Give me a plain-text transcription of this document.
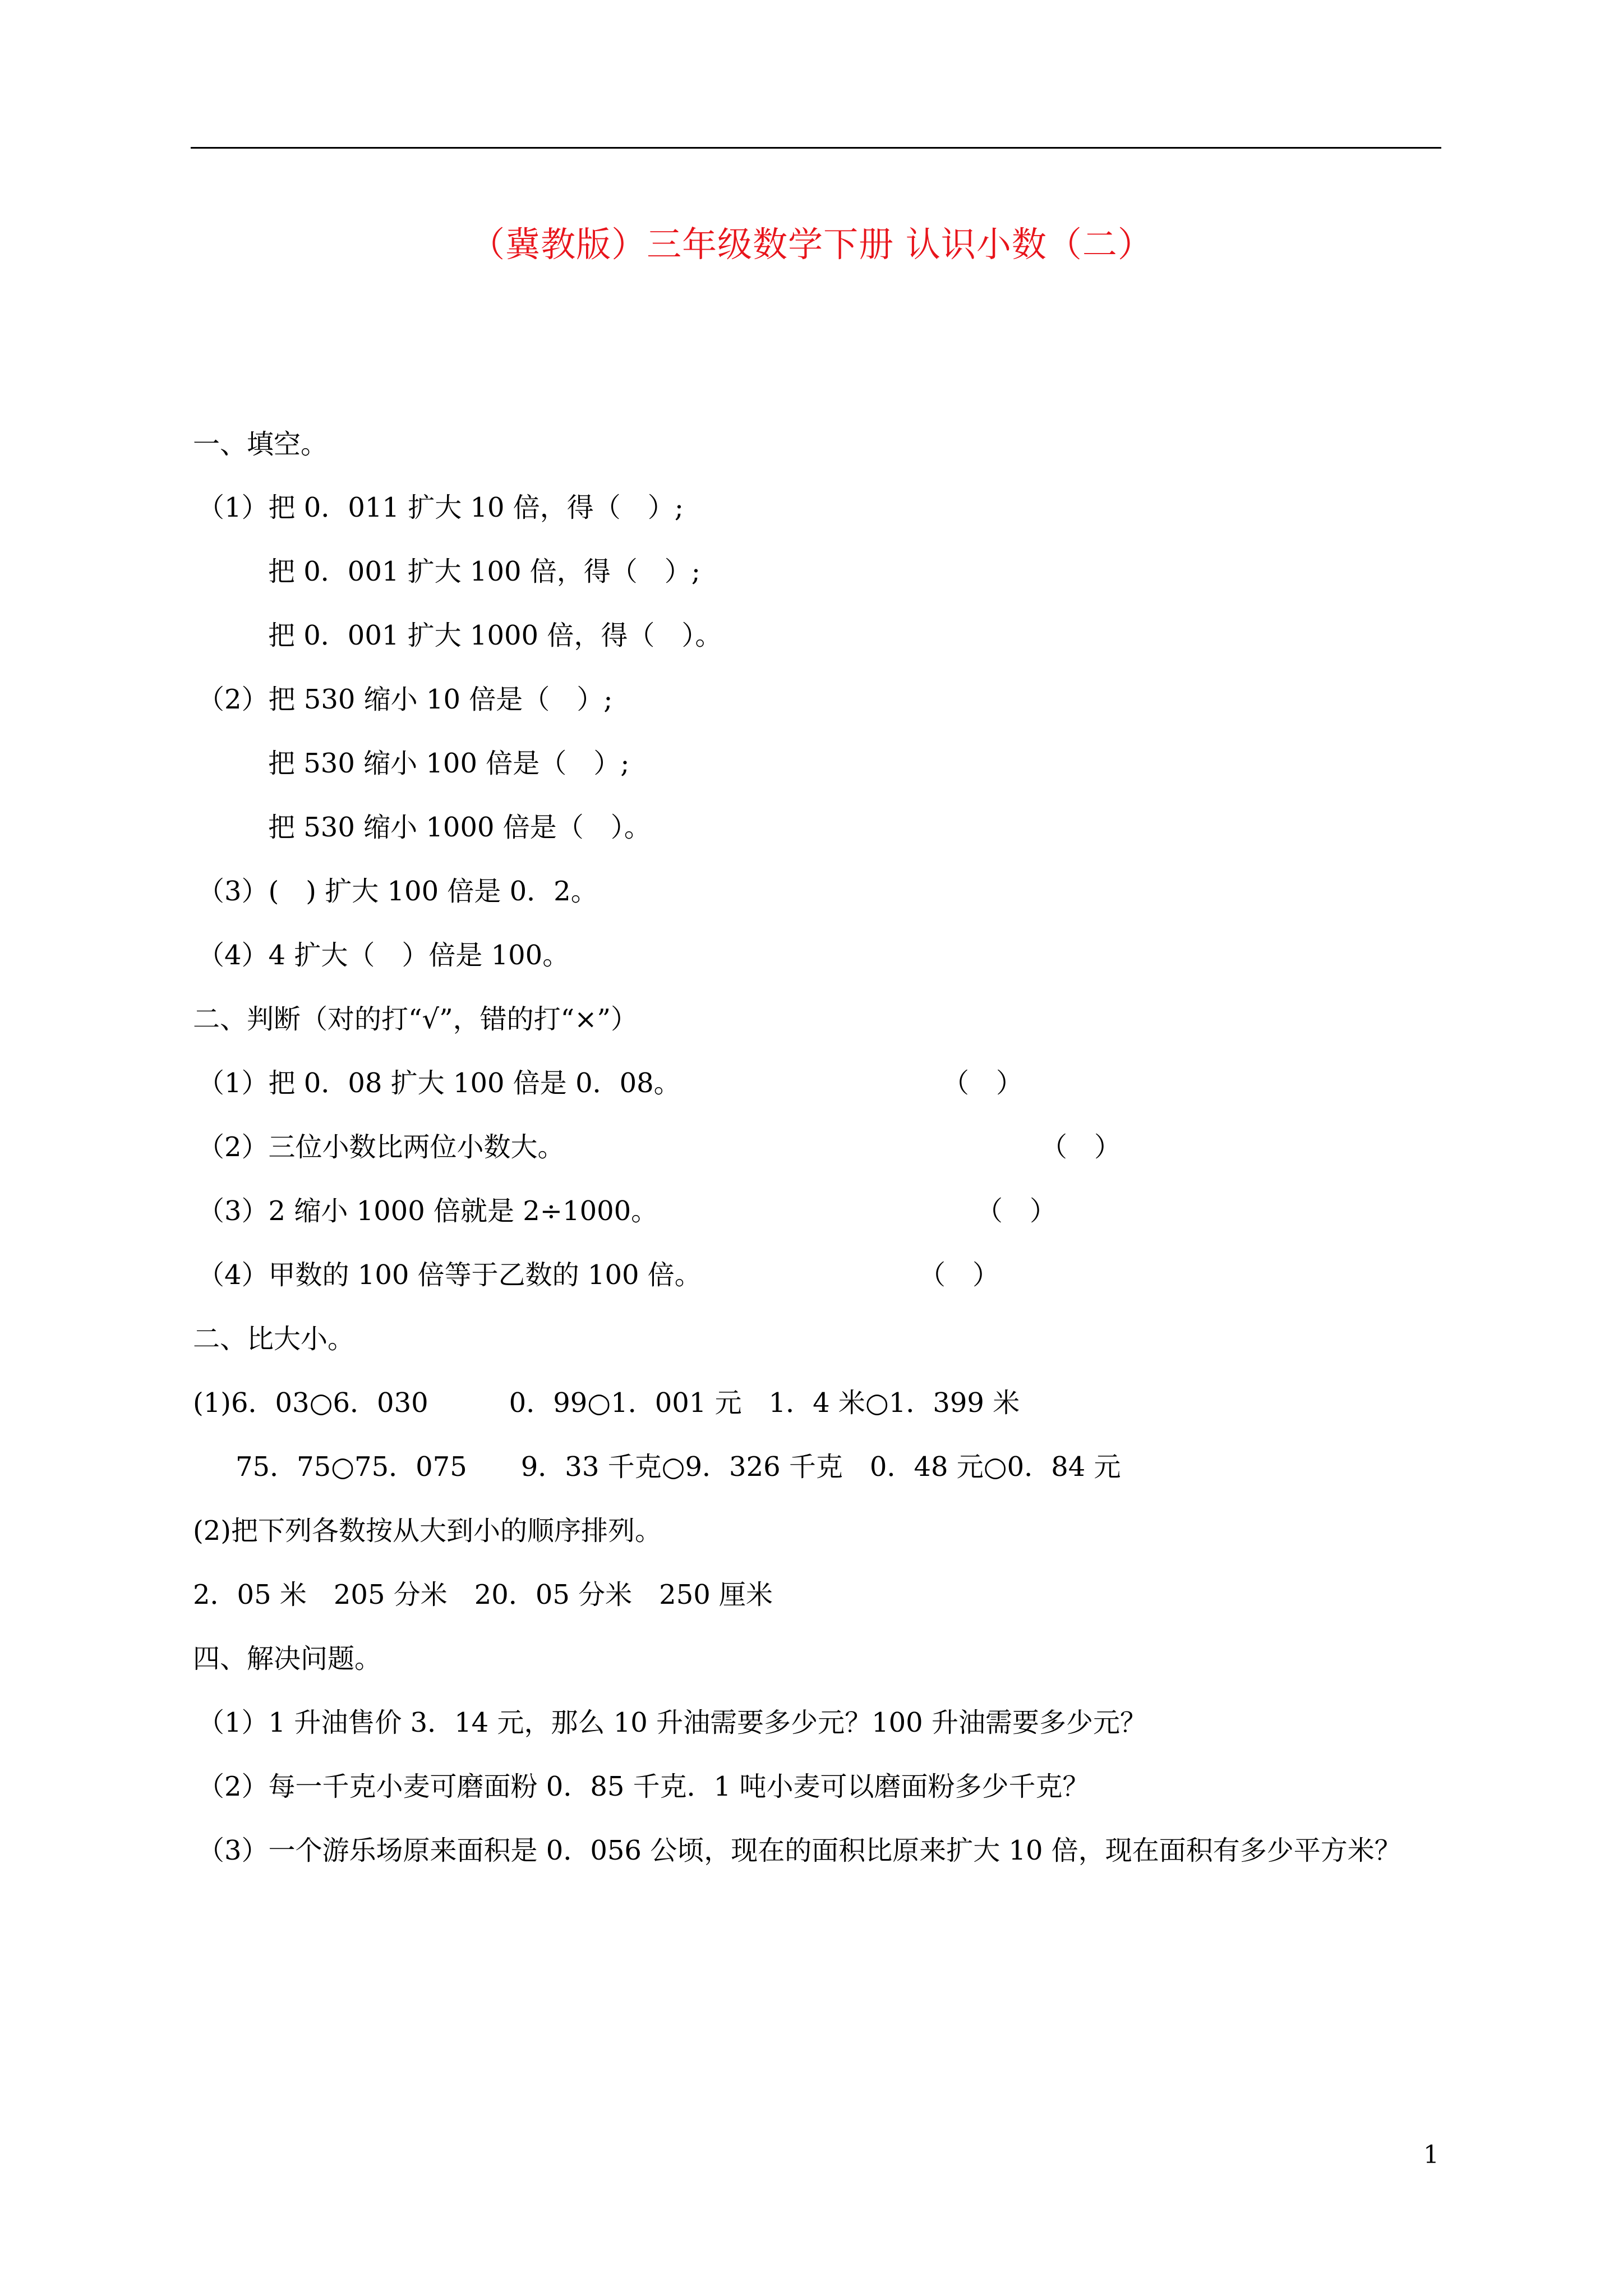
（冀教版）三年级数学下册 认识小数（二）
一、填空。
（1）把 0．011 扩大 10 倍，得（　）;
把 0．001 扩大 100 倍，得（　）;
把 0．001 扩大 1000 倍，得（　）。
（2）把 530 缩小 10 倍是（　）;
把 530 缩小 100 倍是（　）;
把 530 缩小 1000 倍是（　）。
（3）(　) 扩大 100 倍是 0．2。
（4）4 扩大（　）倍是 100。
二、判断（对的打“√”，错的打“×”）
（1）把 0．08 扩大 100 倍是 0．08。	（　）
（2）三位小数比两位小数大。	（　）
（3）2 缩小 1000 倍就是 2÷1000。	（　）
（4）甲数的 100 倍等于乙数的 100 倍。	（　）
二、比大小。
(1)6．03○6．030　　　0．99○1．001 元　1．4 米○1．399 米
75．75○75．075　　9．33 千克○9．326 千克　0．48 元○0．84 元
(2)把下列各数按从大到小的顺序排列。
2．05 米　205 分米　20．05 分米　250 厘米
四、解决问题。
（1）1 升油售价 3．14 元，那么 10 升油需要多少元？100 升油需要多少元？
（2）每一千克小麦可磨面粉 0．85 千克．1 吨小麦可以磨面粉多少千克？
（3）一个游乐场原来面积是 0．056 公顷，现在的面积比原来扩大 10 倍，现在面积有多少平方米？
1
